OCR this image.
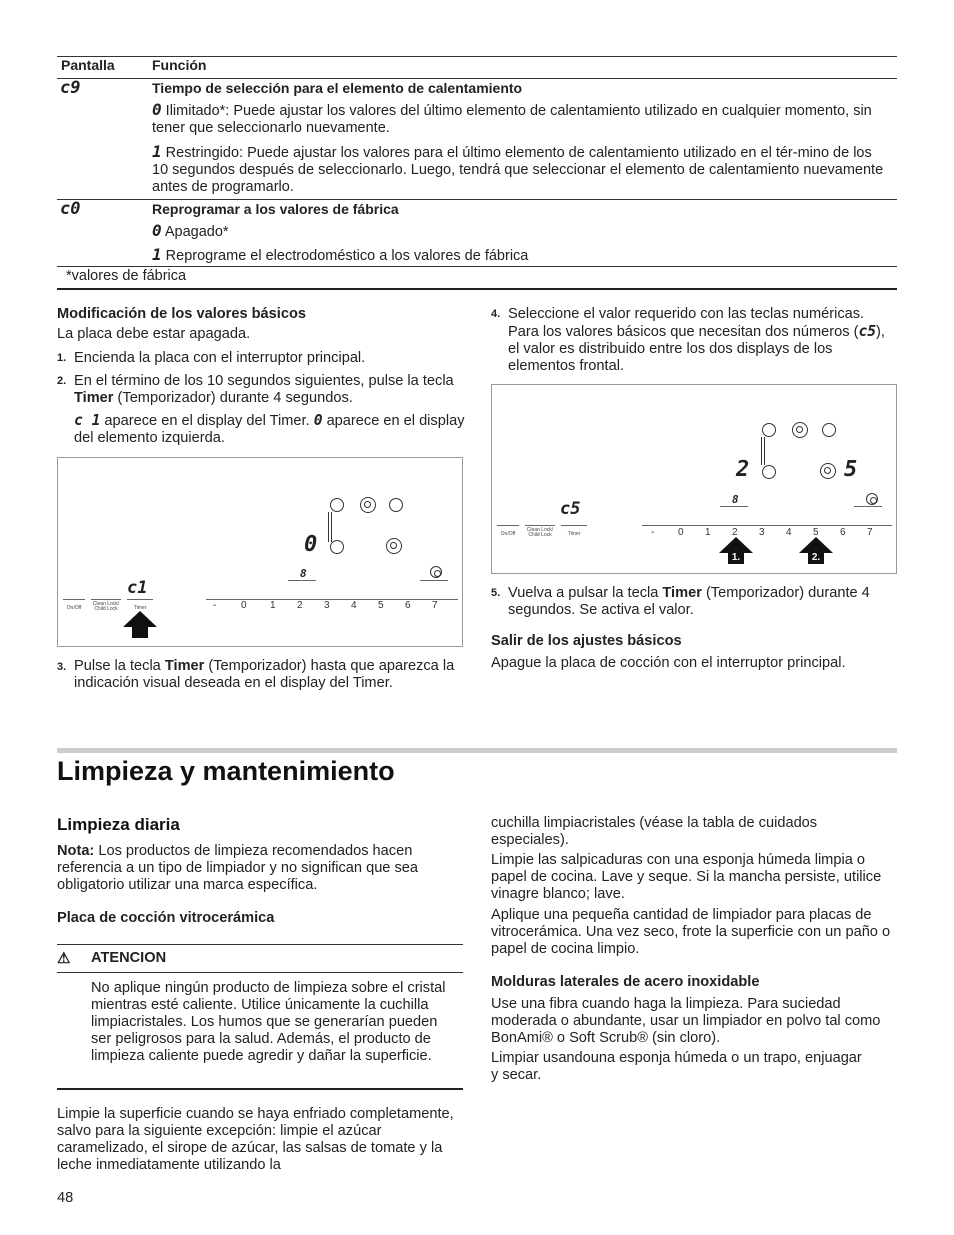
Pantalla	Función
c9	Tiempo de selección para el elemento de calentamiento
0 Ilimitado*: Puede ajustar los valores del último elemento de calentamiento utilizado en cualquier momento, sin tener que seleccionarlo nuevamente.
1 Restringido: Puede ajustar los valores para el último elemento de calentamiento utilizado en el tér-mino de los 10 segundos después de seleccionarlo. Luego, tendrá que seleccionar el elemento de calentamiento nuevamente antes de programarlo.
c0	Reprogramar a los valores de fábrica
0 Apagado*
1 Reprograme el electrodoméstico a los valores de fábrica
*valores de fábrica
Modificación de los valores básicos
La placa debe estar apagada.
1. Encienda la placa con el interruptor principal.
2. En el término de los 10 segundos siguientes, pulse la tecla Timer (Temporizador) durante 4 segundos.
c 1 aparece en el display del Timer. 0 aparece en el display del elemento izquierda.
0
8
c1
On/Off
Clean Lock/ Child Lock	Timer	- 0 1 2 3 4 5 6 7
3. Pulse la tecla Timer (Temporizador) hasta que aparezca la indicación visual deseada en el display del Timer.
4. Seleccione el valor requerido con las teclas numéricas. Para los valores básicos que necesitan dos números (c5), el valor es distribuido entre los dos displays de los elementos frontal.
2	5
8
c5
On/Off
Clean Lock/ Child Lock	Timer	- 0 1 2 3 4 5 6 7
1.	2.
5. Vuelva a pulsar la tecla Timer (Temporizador) durante 4 segundos. Se activa el valor.
Salir de los ajustes básicos
Apague la placa de cocción con el interruptor principal.
Limpieza y mantenimiento
Limpieza diaria
Nota: Los productos de limpieza recomendados hacen referencia a un tipo de limpiador y no significan que sea obligatorio utilizar una marca específica.
Placa de cocción vitrocerámica
⚠ ATENCION
No aplique ningún producto de limpieza sobre el cristal mientras esté caliente. Utilice únicamente la cuchilla limpiacristales. Los humos que se generarían pueden ser peligrosos para la salud. Además, el producto de limpieza caliente puede agredir y dañar la superficie.
Limpie la superficie cuando se haya enfriado completamente, salvo para la siguiente excepción: limpie el azúcar caramelizado, el sirope de azúcar, las salsas de tomate y la leche inmediatamente utilizando la
cuchilla limpiacristales (véase la tabla de cuidados especiales).
Limpie las salpicaduras con una esponja húmeda limpia o papel de cocina. Lave y seque. Si la mancha persiste, utilice vinagre blanco; lave.
Aplique una pequeña cantidad de limpiador para placas de vitrocerámica. Una vez seco, frote la superficie con un paño o papel de cocina limpio.
Molduras laterales de acero inoxidable
Use una fibra cuando haga la limpieza. Para suciedad moderada o abundante, usar un limpiador en polvo tal como BonAmi® o Soft Scrub® (sin cloro).
Limpiar usandouna esponja húmeda o un trapo, enjuagar y secar.
48
